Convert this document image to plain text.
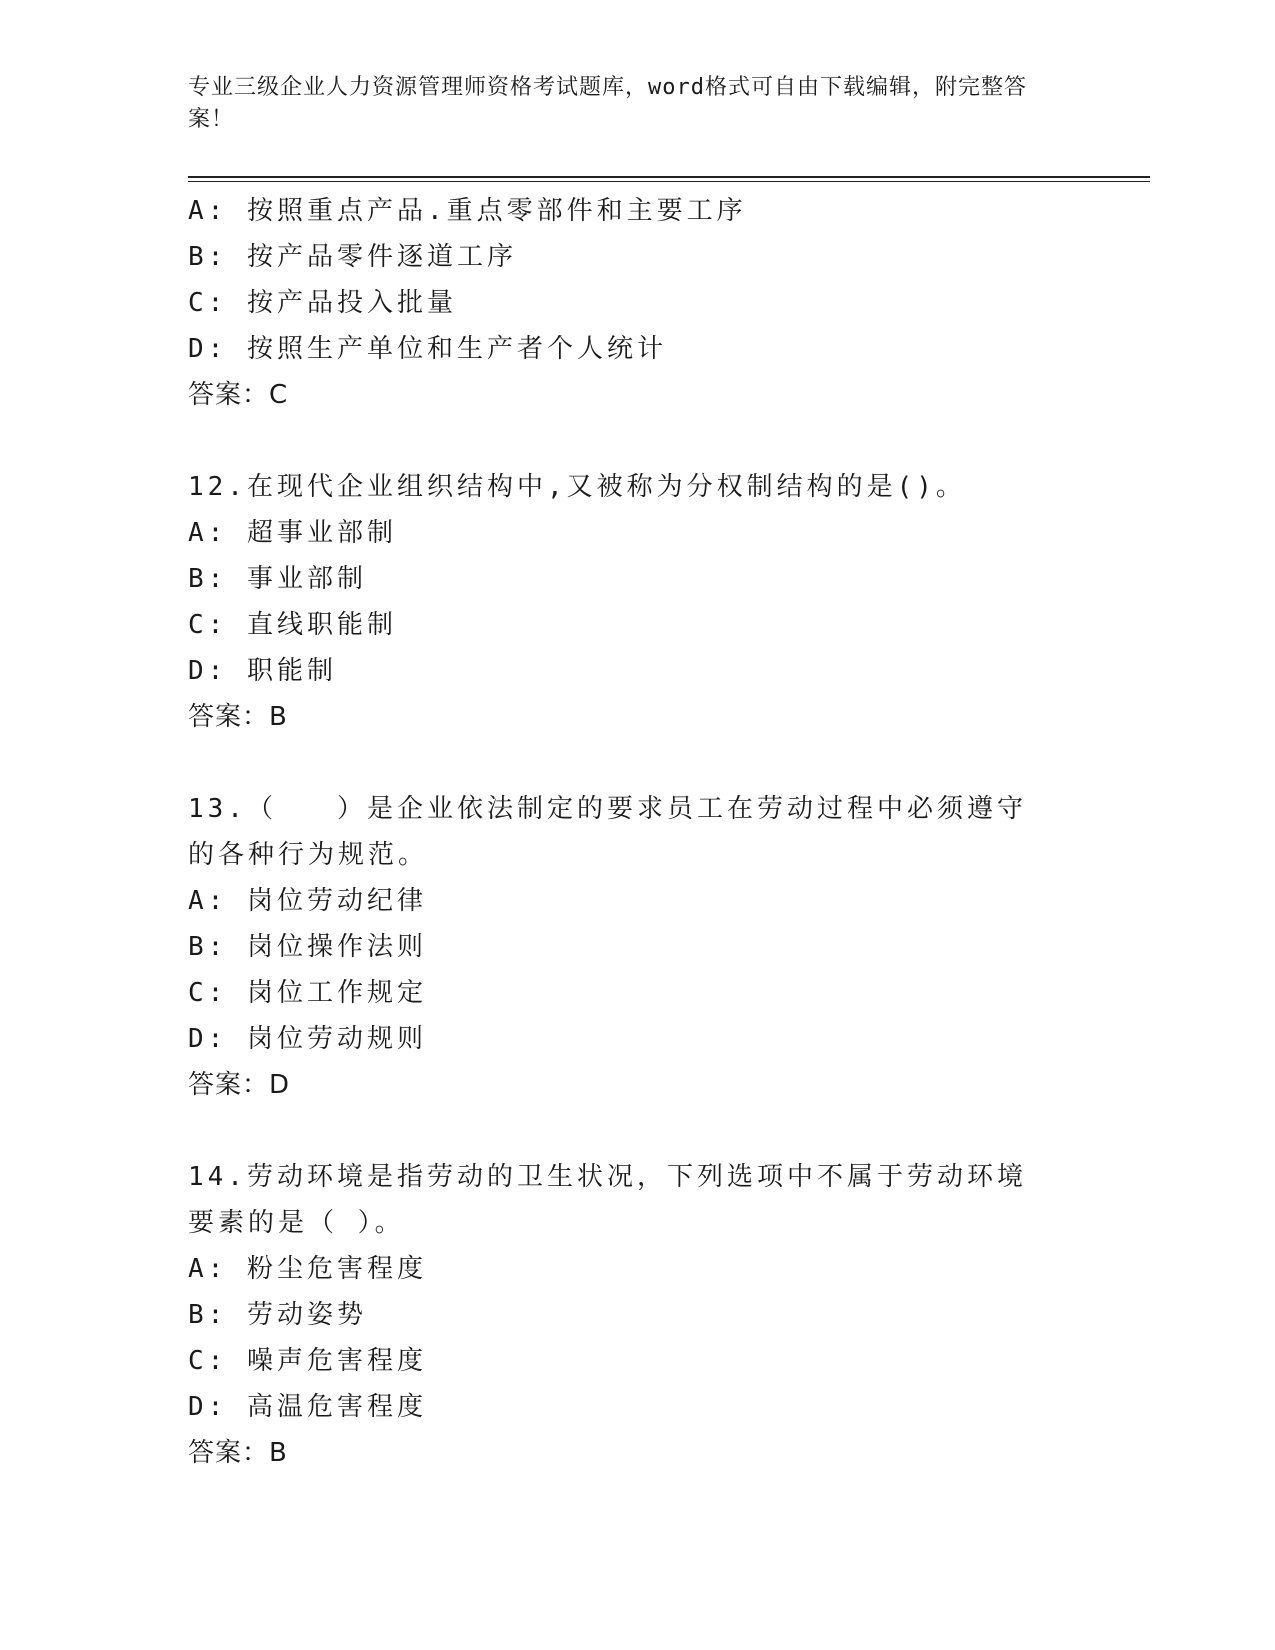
专业三级企业人力资源管理师资格考试题库，word格式可自由下载编辑，附完整答案！
A: 按照重点产品.重点零部件和主要工序
B: 按产品零件逐道工序
C: 按产品投入批量
D: 按照生产单位和生产者个人统计
答案：C
12.在现代企业组织结构中,又被称为分权制结构的是()。
A: 超事业部制
B: 事业部制
C: 直线职能制
D: 职能制
答案：B
13.（　　）是企业依法制定的要求员工在劳动过程中必须遵守的各种行为规范。
A: 岗位劳动纪律
B: 岗位操作法则
C: 岗位工作规定
D: 岗位劳动规则
答案：D
14.劳动环境是指劳动的卫生状况，下列选项中不属于劳动环境要素的是（ ）。
A: 粉尘危害程度
B: 劳动姿势
C: 噪声危害程度
D: 高温危害程度
答案：B
